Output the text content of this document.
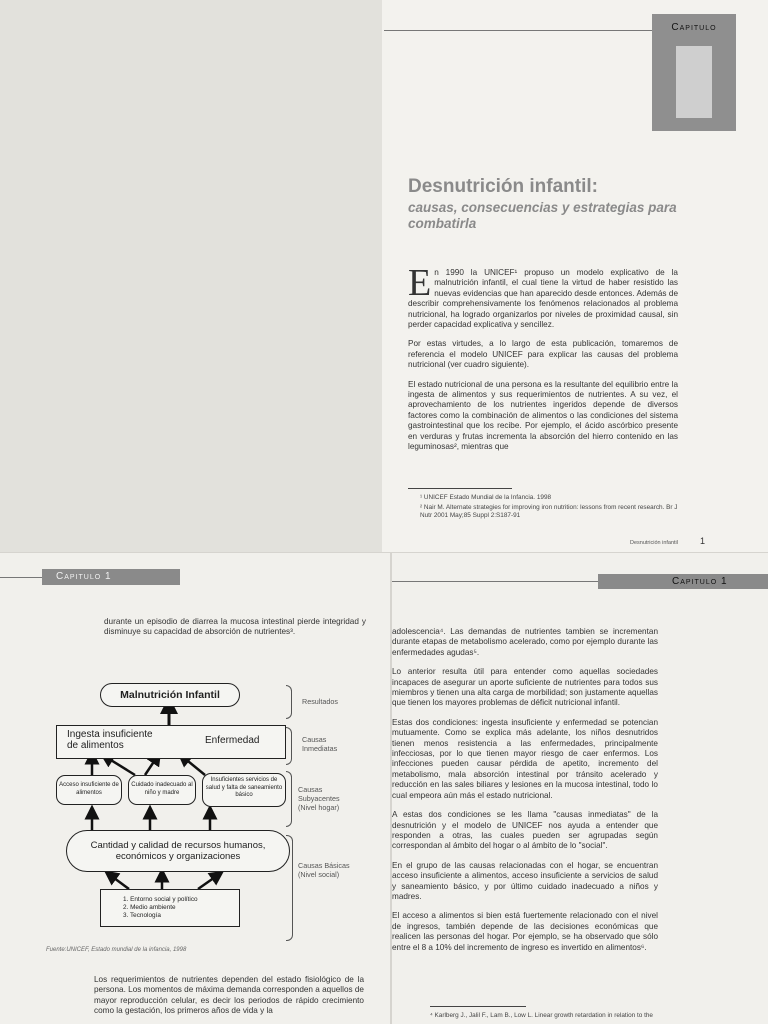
Capitulo
1
Desnutrición infantil:
causas, consecuencias y estrategias para combatirla

En 1990 la UNICEF¹ propuso un modelo explicativo de la malnutrición infantil, el cual tiene la virtud de haber resistido las nuevas evidencias que han aparecido desde entonces. Además de describir comprehensivamente los fenómenos relacionados al problema nutricional, ha logrado organizarlos por niveles de proximidad causal, sin perder capacidad explicativa y sencillez.

Por estas virtudes, a lo largo de esta publicación, tomaremos de referencia el modelo UNICEF para explicar las causas del problema nutricional (ver cuadro siguiente).

El estado nutricional de una persona es la resultante del equilibrio entre la ingesta de alimentos y sus requerimientos de nutrientes. A su vez, el aprovechamiento de los nutrientes ingeridos depende de diversos factores como la combinación de alimentos o las condiciones del sistema gastrointestinal que los recibe. Por ejemplo, el ácido ascórbico presente en verduras y frutas incrementa la absorción del hierro contenido en las leguminosas², mientras que

¹ UNICEF Estado Mundial de la Infancia. 1998
² Nair M. Alternate strategies for improving iron nutrition: lessons from recent research. Br J Nutr 2001 May;85 Suppl 2:S187-91
Desnutrición infantil 1
Capitulo 1
durante un episodio de diarrea la mucosa intestinal pierde integridad y disminuye su capacidad de absorción de nutrientes³.
Malnutrición Infantil
Ingesta insuficiente de alimentos	Enfermedad
Acceso insuficiente de alimentos
Cuidado inadecuado al niño y madre
Insuficientes servicios de salud y falta de saneamiento básico
Cantidad y calidad de recursos humanos, económicos y organizaciones
1. Entorno social y político
2. Medio ambiente
3. Tecnología
Resultados
Causas Inmediatas
Causas Subyacentes (Nivel hogar)
Causas Básicas (Nivel social)
Fuente:UNICEF, Estado mundial de la infancia, 1998
Los requerimientos de nutrientes dependen del estado fisiológico de la persona. Los momentos de máxima demanda corresponden a aquellos de mayor reproducción celular, es decir los periodos de rápido crecimiento como la gestación, los primeros años de vida y la
Capitulo 1

adolescencia⁴. Las demandas de nutrientes tambien se incrementan durante etapas de metabolismo acelerado, como por ejemplo durante las enfermedades agudas⁵.

Lo anterior resulta útil para entender como aquellas sociedades incapaces de asegurar un aporte suficiente de nutrientes para todos sus miembros y tienen una alta carga de morbilidad; son justamente aquellas que tienen los mayores problemas de déficit nutricional infantil.

Estas dos condiciones: ingesta insuficiente y enfermedad se potencian mutuamente. Como se explica más adelante, los niños desnutridos tienen menos resistencia a las enfermedades, principalmente infecciosas, por lo que tienen mayor riesgo de caer enfermos. Los infecciones pueden causar pérdida de apetito, incremento del metabolismo, mala absorción intestinal por tránsito acelerado y reducción en las sales biliares y lesiones en la mucosa intestinal, todo lo cual empeora aún más el estado nutricional.

A estas dos condiciones se les llama "causas inmediatas" de la desnutrición y el modelo de UNICEF nos ayuda a entender que responden a otras, las cuales pueden ser agrupadas según correspondan al ámbito del hogar o al ámbito de lo "social".

En el grupo de las causas relacionadas con el hogar, se encuentran acceso insuficiente a alimentos, acceso insuficiente a servicios de salud y saneamiento básico, y por último cuidado inadecuado a niños y madres.

El acceso a alimentos si bien está fuertemente relacionado con el nivel de ingresos, también depende de las decisiones económicas que realicen las personas del hogar. Por ejemplo, se ha observado que sólo entre el 8 a 10% del incremento de ingreso es invertido en alimentos⁶.

⁴ Karlberg J., Jalil F., Lam B., Low L. Linear growth retardation in relation to the
